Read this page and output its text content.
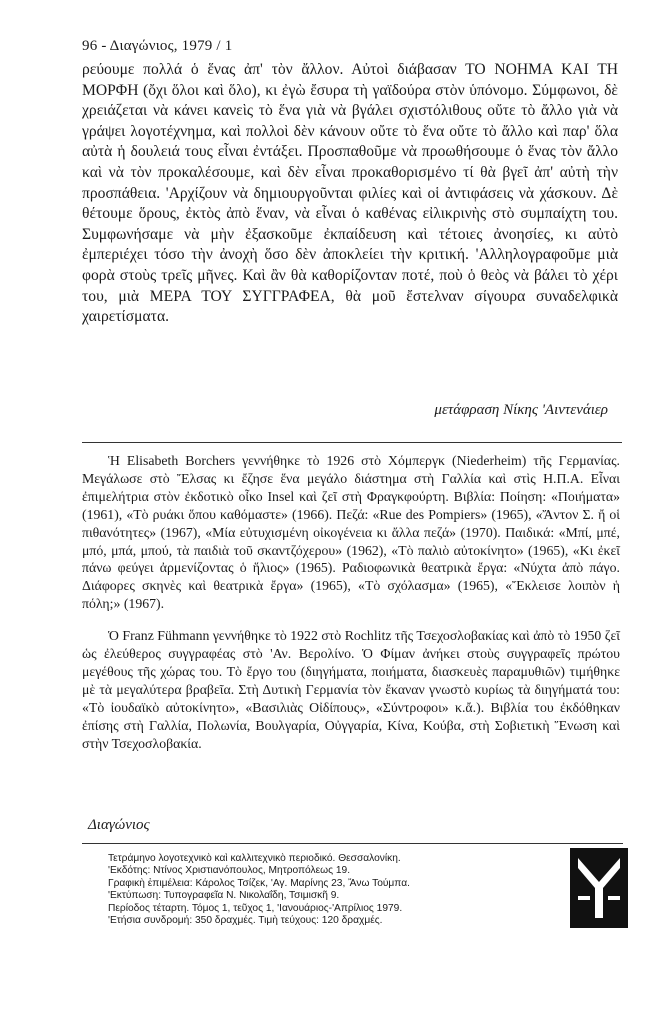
96 - Διαγώνιος, 1979 / 1

ρεύουμε πολλά ὁ ἕνας ἀπ' τὸν ἄλλον. Αὐτοὶ διάβασαν ΤΟ ΝΟΗΜΑ ΚΑΙ ΤΗ ΜΟΡΦΗ (ὄχι ὅλοι καὶ ὅλο), κι ἐγὼ ἔσυρα τὴ γαϊδούρα στὸν ὑπόνομο. Σύμφωνοι, δὲ χρειάζεται νὰ κάνει κανεὶς τὸ ἕνα γιὰ νὰ βγάλει σχιστόλιθους οὔτε τὸ ἄλλο γιὰ νὰ γράψει λογοτέχνημα, καὶ πολλοὶ δὲν κάνουν οὔτε τὸ ἕνα οὔτε τὸ ἄλλο καὶ παρ' ὅλα αὐτὰ ἡ δουλειά τους εἶναι ἐντάξει. Προσπαθοῦμε νὰ προωθήσουμε ὁ ἕνας τὸν ἄλλο καὶ νὰ τὸν προκαλέσουμε, καὶ δὲν εἶναι προκαθορισμένο τί θὰ βγεῖ ἀπ' αὐτὴ τὴν προσπάθεια. 'Αρχίζουν νὰ δημιουργοῦνται φιλίες καὶ οἱ ἀντιφάσεις νὰ χάσκουν. Δὲ θέτουμε ὅρους, ἐκτὸς ἀπὸ ἕναν, νὰ εἶναι ὁ καθένας εἰλικρινὴς στὸ συμπαίχτη του. Συμφωνήσαμε νὰ μὴν ἐξασκοῦμε ἐκπαίδευση καὶ τέτοιες ἀνοησίες, κι αὐτὸ ἐμπεριέχει τόσο τὴν ἀνοχὴ ὅσο δὲν ἀποκλείει τὴν κριτική. 'Αλληλογραφοῦμε μιὰ φορὰ στοὺς τρεῖς μῆνες. Καὶ ἂν θὰ καθορίζονταν ποτέ, ποὺ ὁ θεὸς νὰ βάλει τὸ χέρι του, μιὰ ΜΕΡΑ ΤΟΥ ΣΥΓΓΡΑΦΕΑ, θὰ μοῦ ἔστελναν σίγουρα συναδελφικὰ χαιρετίσματα.

μετάφραση Νίκης 'Αιντενάιερ

Ἡ Elisabeth Borchers γεννήθηκε τὸ 1926 στὸ Χόμπεργκ (Niederheim) τῆς Γερμανίας. Μεγάλωσε στὸ Ἔλσας κι ἔζησε ἕνα μεγάλο διάστημα στὴ Γαλλία καὶ στὶς Η.Π.Α. Εἶναι ἐπιμελήτρια στὸν ἐκδοτικὸ οἶκο Insel καὶ ζεῖ στὴ Φραγκφούρτη. Βιβλία: Ποίηση: «Ποιήματα» (1961), «Τὸ ρυάκι ὅπου καθόμαστε» (1966). Πεζά: «Rue des Pompiers» (1965), «Ἄντον Σ. ἤ οἱ πιθανότητες» (1967), «Μία εὐτυχισμένη οἰκογένεια κι ἄλλα πεζά» (1970). Παιδικά: «Μπί, μπέ, μπό, μπά, μπού, τὰ παιδιὰ τοῦ σκαντζόχερου» (1962), «Τὸ παλιὸ αὐτοκίνητο» (1965), «Κι ἐκεῖ πάνω φεύγει ἀρμενίζοντας ὁ ἥλιος» (1965). Ραδιοφωνικὰ θεατρικὰ ἔργα: «Νύχτα ἀπὸ πάγο. Διάφορες σκηνὲς καὶ θεατρικὰ ἔργα» (1965), «Τὸ σχόλασμα» (1965), «Ἔκλεισε λοιπὸν ἡ πόλη;» (1967).

Ὁ Franz Fühmann γεννήθηκε τὸ 1922 στὸ Rochlitz τῆς Τσεχοσλοβακίας καὶ ἀπὸ τὸ 1950 ζεῖ ὡς ἐλεύθερος συγγραφέας στὸ 'Αν. Βερολίνο. Ὁ Φίμαν ἀνήκει στοὺς συγγραφεῖς πρώτου μεγέθους τῆς χώρας του. Τὸ ἔργο του (διηγήματα, ποιήματα, διασκευὲς παραμυθιῶν) τιμήθηκε μὲ τὰ μεγαλύτερα βραβεῖα. Στὴ Δυτικὴ Γερμανία τὸν ἔκαναν γνωστὸ κυρίως τὰ διηγήματά του: «Τὸ ἰουδαϊκὸ αὐτοκίνητο», «Βασιλιὰς Οἰδίπους», «Σύντροφοι» κ.ἄ.). Βιβλία του ἐκδόθηκαν ἐπίσης στὴ Γαλλία, Πολωνία, Βουλγαρία, Οὐγγαρία, Κίνα, Κούβα, στὴ Σοβιετικὴ Ἕνωση καὶ στὴν Τσεχοσλοβακία.

Διαγώνιος
Τετράμηνο λογοτεχνικὸ καὶ καλλιτεχνικὸ περιοδικό. Θεσσαλονίκη.
'Εκδότης: Ντίνος Χριστιανόπουλος, Μητροπόλεως 19.
Γραφικὴ ἐπιμέλεια: Κάρολος Τσίζεκ, 'Αγ. Μαρίνης 23, Ἄνω Τούμπα.
'Εκτύπωση: Τυπογραφεῖα Ν. Νικολαΐδη, Τσιμισκῆ 9.
Περίοδος τέταρτη. Τόμος 1, τεῦχος 1, 'Ιανουάριος-'Απρίλιος 1979.
'Ετήσια συνδρομή: 350 δραχμές. Τιμὴ τεύχους: 120 δραχμές.
